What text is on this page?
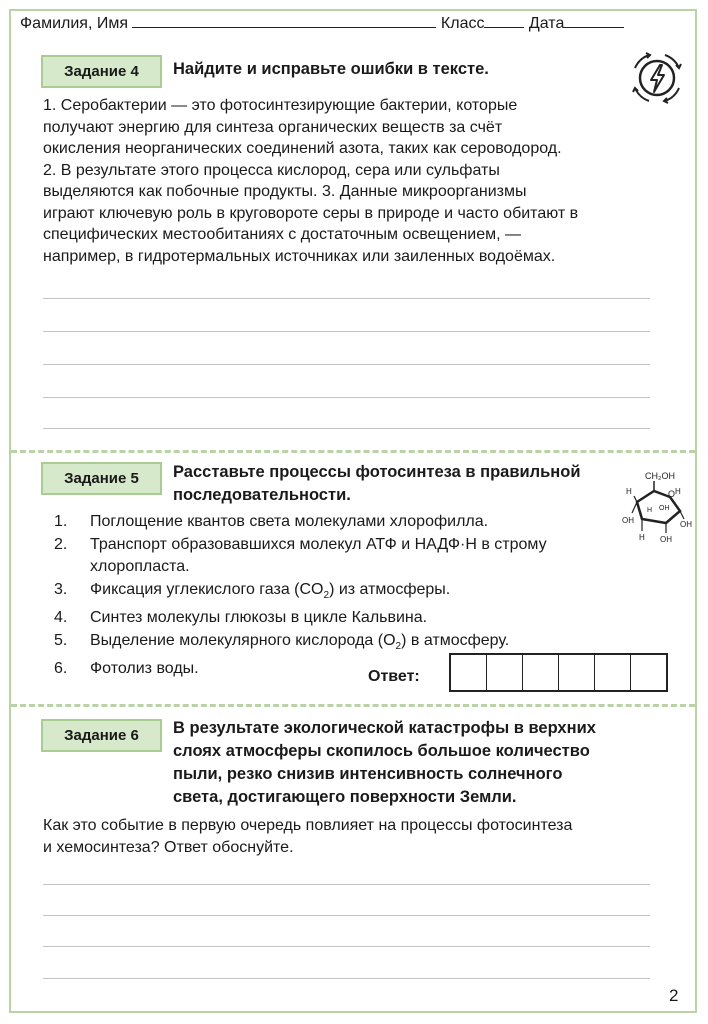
Фамилия, Имя	Класс	Дата
Задание 4	Найдите и исправьте ошибки в тексте.
1. Серобактерии — это фотосинтезирующие бактерии, которые
получают энергию для синтеза органических веществ за счёт
окисления неорганических соединений азота, таких как сероводород.
2. В результате этого процесса кислород, сера или сульфаты
выделяются как побочные продукты. 3. Данные микроорганизмы
играют ключевую роль в круговороте серы в природе и часто обитают в
специфических местообитаниях с достаточным освещением, —
например, в гидротермальных источниках или заиленных водоёмах.
Задание 5	Расставьте процессы фотосинтеза в правильной
последовательности.
CH₂OH
O
H	H
H OH
OH	OH
H OH
1. Поглощение квантов света молекулами хлорофилла.
2. Транспорт образовавшихся молекул АТФ и НАДФ·Н в строму
хлоропласта.
3. Фиксация углекислого газа $(CO_2)$ из атмосферы.
4. Синтез молекулы глюкозы в цикле Кальвина.
5. Выделение молекулярного кислорода $(O_2)$ в атмосферу.
6. Фотолиз воды.	Ответ:
Задание 6	В результате экологической катастрофы в верхних
слоях атмосферы скопилось большое количество
пыли, резко снизив интенсивность солнечного
света, достигающего поверхности Земли.
Как это событие в первую очередь повлияет на процессы фотосинтеза
и хемосинтеза? Ответ обоснуйте.
2
